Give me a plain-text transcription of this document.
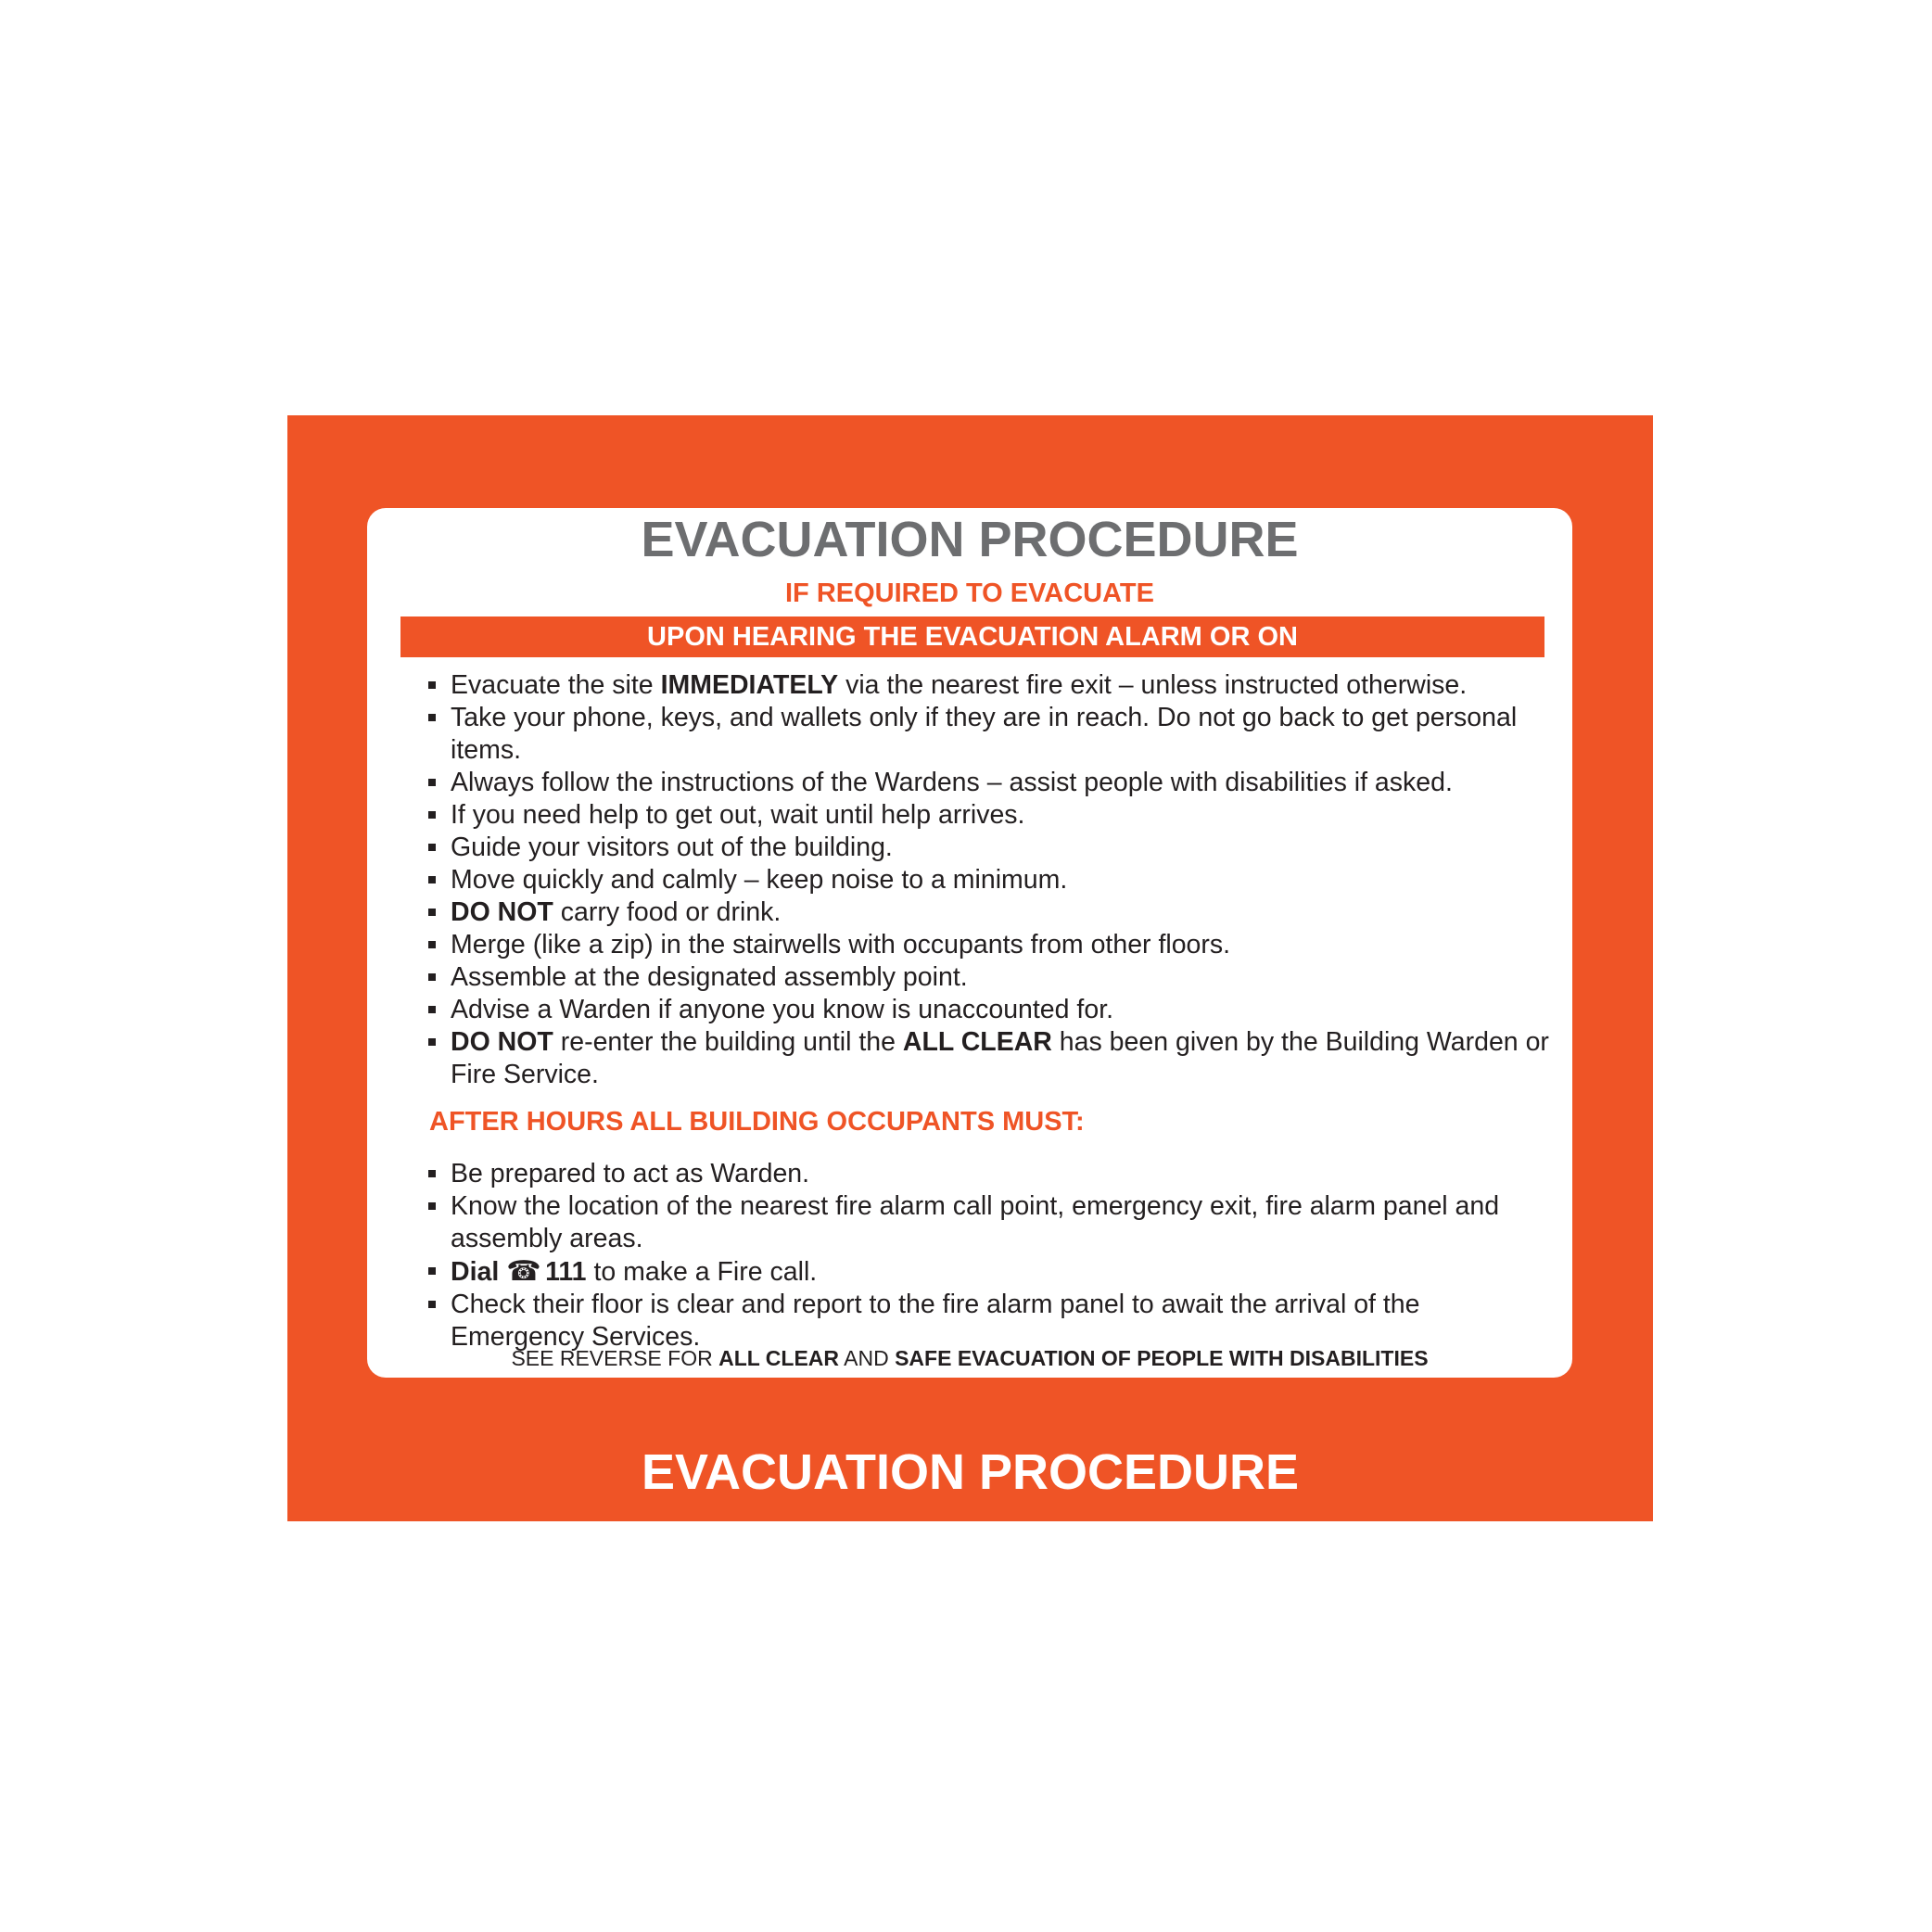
EVACUATION PROCEDURE
IF REQUIRED TO EVACUATE
UPON HEARING THE EVACUATION ALARM OR ON
Evacuate the site IMMEDIATELY via the nearest fire exit – unless instructed otherwise.
Take your phone, keys, and wallets only if they are in reach. Do not go back to get personal items.
Always follow the instructions of the Wardens – assist people with disabilities if asked.
If you need help to get out, wait until help arrives.
Guide your visitors out of the building.
Move quickly and calmly – keep noise to a minimum.
DO NOT carry food or drink.
Merge (like a zip) in the stairwells with occupants from other floors.
Assemble at the designated assembly point.
Advise a Warden if anyone you know is unaccounted for.
DO NOT re-enter the building until the ALL CLEAR has been given by the Building Warden or Fire Service.
AFTER HOURS ALL BUILDING OCCUPANTS MUST:
Be prepared to act as Warden.
Know the location of the nearest fire alarm call point, emergency exit, fire alarm panel and assembly areas.
Dial ☎ 111 to make a Fire call.
Check their floor is clear and report to the fire alarm panel to await the arrival of the Emergency Services.
SEE REVERSE FOR ALL CLEAR AND SAFE EVACUATION OF PEOPLE WITH DISABILITIES
EVACUATION PROCEDURE
